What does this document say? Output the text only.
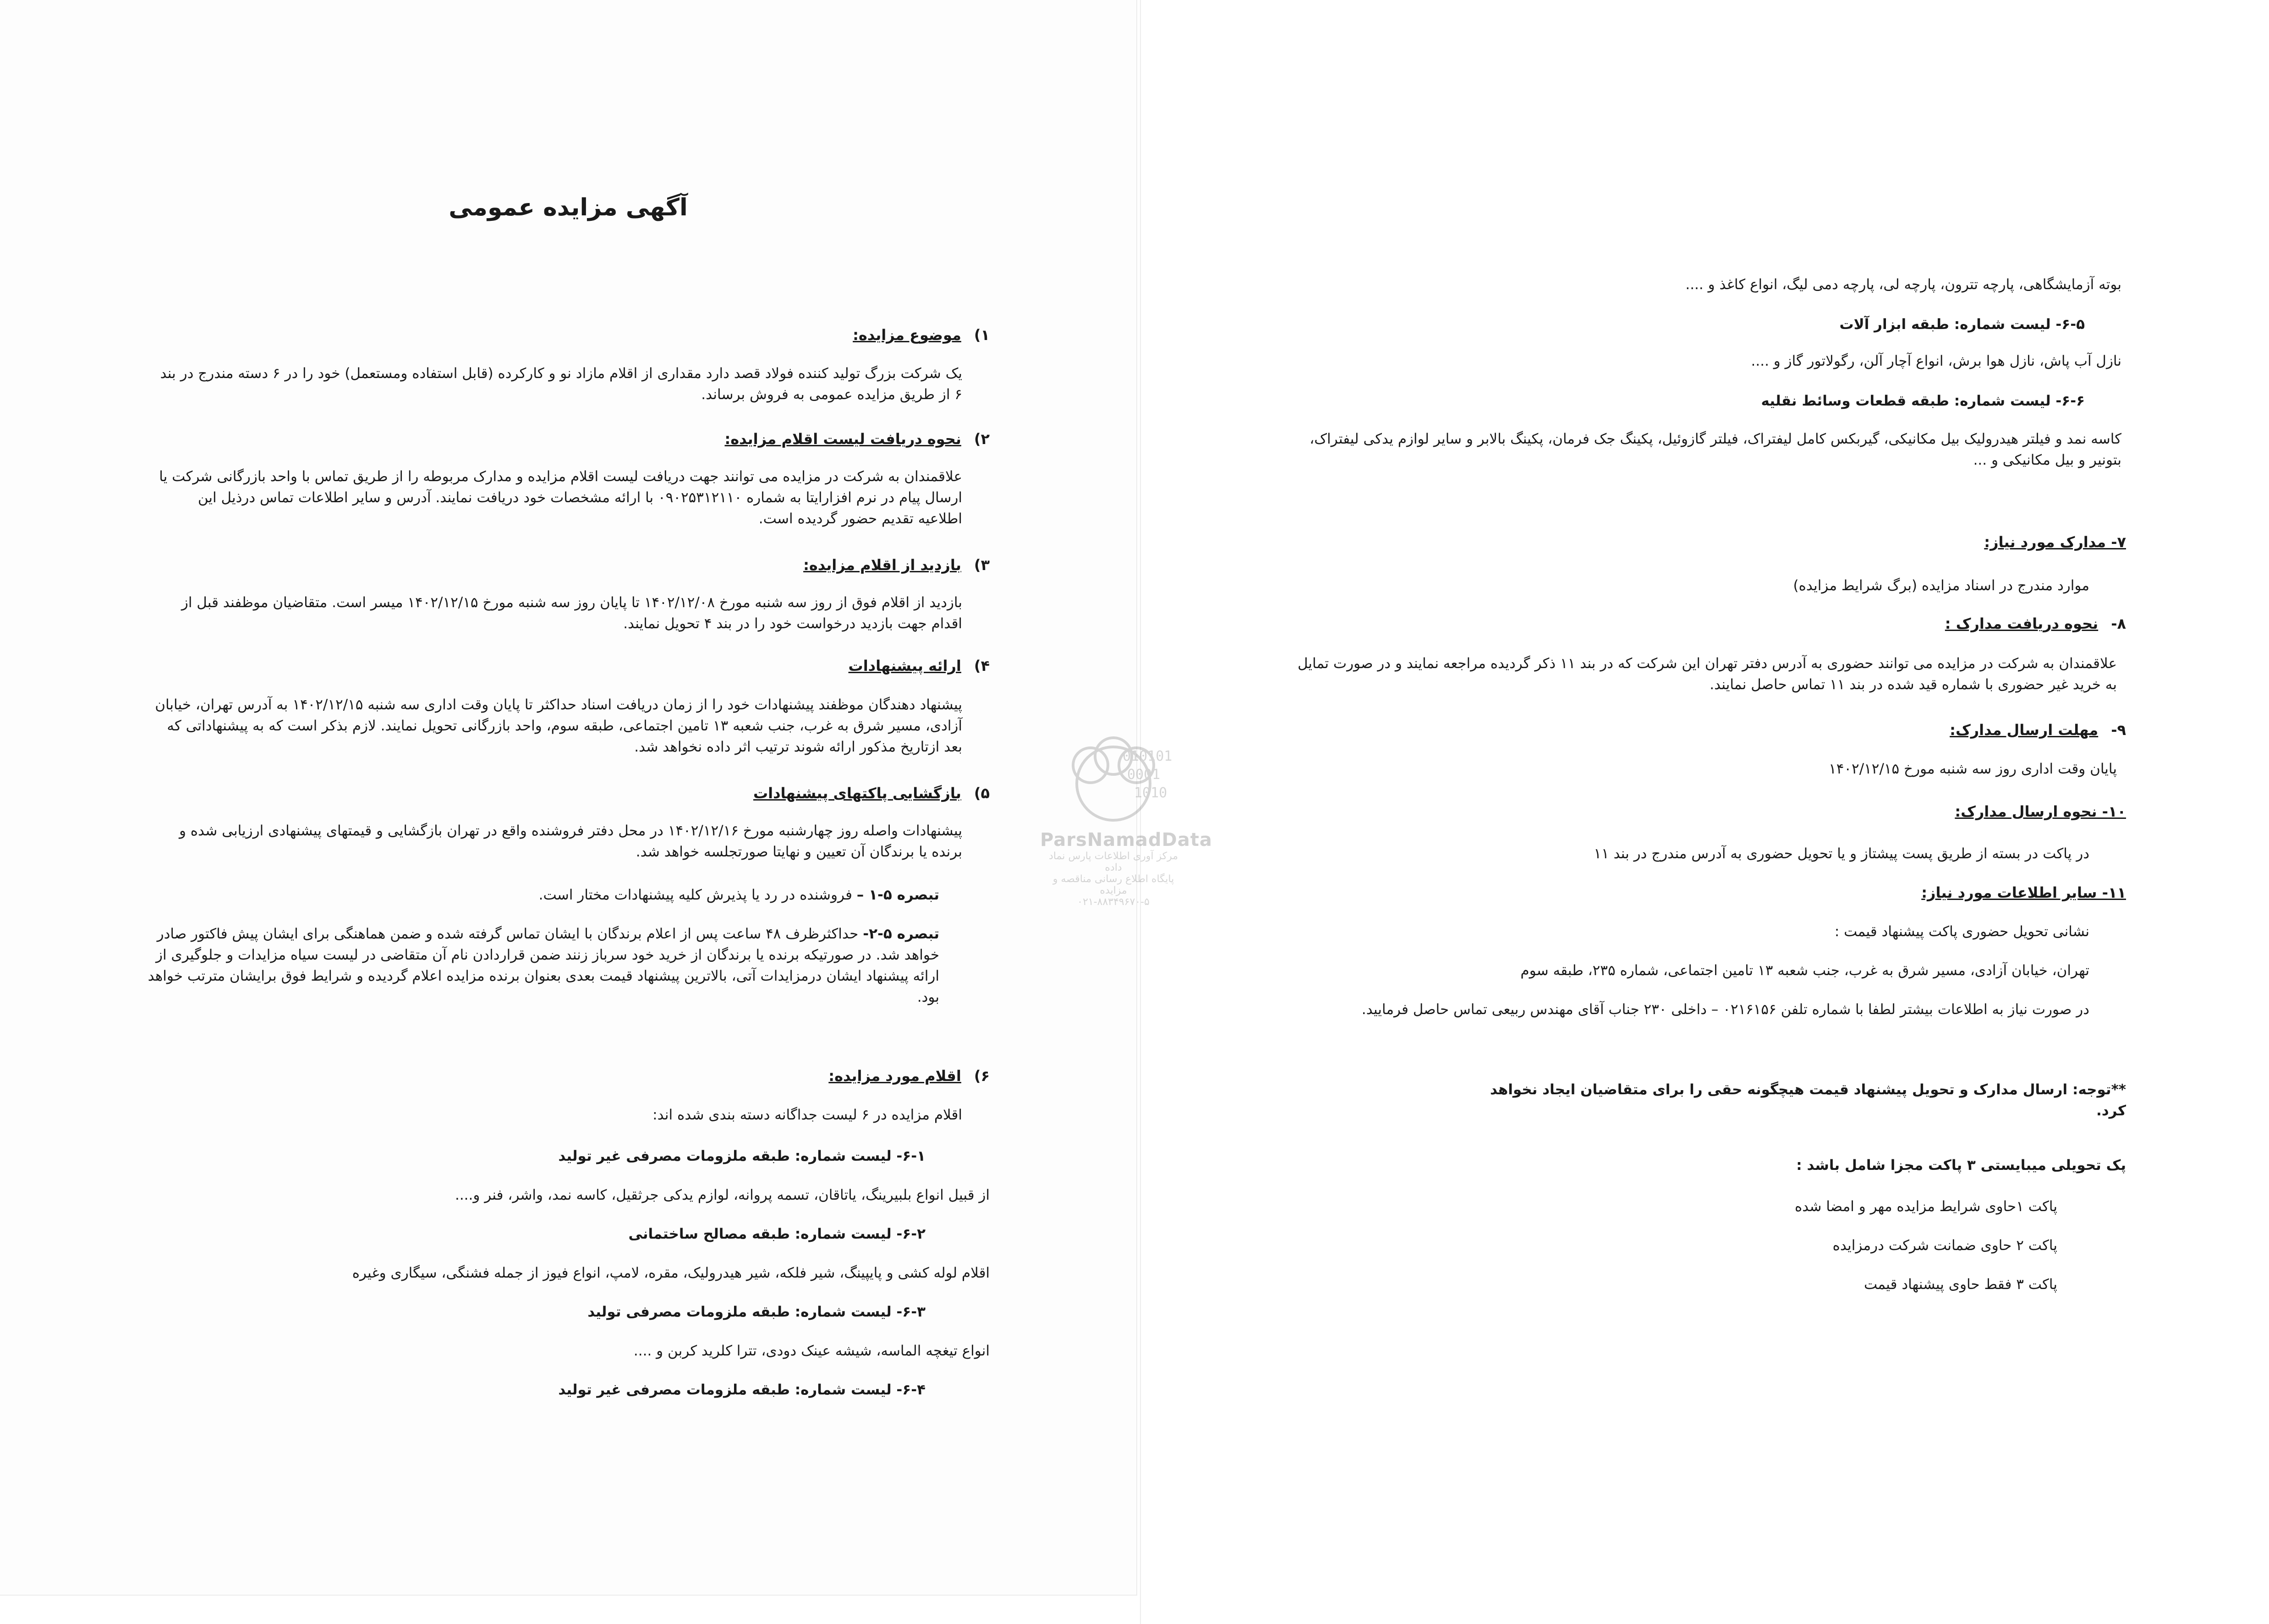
آگهی مزایده عمومی
۱)موضوع مزایده:
یک شرکت بزرگ تولید کننده فولاد قصد دارد مقداری از اقلام مازاد نو و کارکرده (قابل استفاده ومستعمل) خود را در ۶ دسته مندرج در بند ۶ از طریق مزایده عمومی به فروش برساند.
۲)نحوه دریافت لیست اقلام مزایده:
علاقمندان به شرکت در مزایده می توانند جهت دریافت لیست اقلام مزایده و مدارک مربوطه را از طریق تماس با واحد بازرگانی شرکت یا ارسال پیام در نرم افزارایتا به شماره ۰۹۰۲۵۳۱۲۱۱۰ با ارائه مشخصات خود دریافت نمایند. آدرس و سایر اطلاعات تماس درذیل این اطلاعیه تقدیم حضور گردیده است.
۳)بازدید از اقلام مزایده:
بازدید از اقلام فوق از روز سه شنبه مورخ ۱۴۰۲/۱۲/۰۸ تا پایان روز سه شنبه مورخ ۱۴۰۲/۱۲/۱۵ میسر است. متقاضیان موظفند قبل از اقدام جهت بازدید درخواست خود را در بند ۴ تحویل نمایند.
۴)ارائه پیشنهادات
پیشنهاد دهندگان موظفند پیشنهادات خود را از زمان دریافت اسناد حداکثر تا پایان وقت اداری سه شنبه ۱۴۰۲/۱۲/۱۵ به آدرس تهران، خیابان آزادی، مسیر شرق به غرب، جنب شعبه ۱۳ تامین اجتماعی، طبقه سوم، واحد بازرگانی تحویل نمایند. لازم بذکر است که به پیشنهاداتی که بعد ازتاریخ مذکور ارائه شوند ترتیب اثر داده نخواهد شد.
۵)بازگشایی پاکتهای پیشنهادات
پیشنهادات واصله روز چهارشنبه مورخ ۱۴۰۲/۱۲/۱۶ در محل دفتر فروشنده واقع در تهران بازگشایی و قیمتهای پیشنهادی ارزیابی شده و برنده یا برندگان آن تعیین و نهایتا صورتجلسه خواهد شد.
تبصره ۵-۱ – فروشنده در رد یا پذیرش کلیه پیشنهادات مختار است.
تبصره ۵-۲- حداکثرظرف ۴۸ ساعت پس از اعلام برندگان با ایشان تماس گرفته شده و ضمن هماهنگی برای ایشان پیش فاکتور صادر خواهد شد. در صورتیکه برنده یا برندگان از خرید خود سرباز زنند ضمن قراردادن نام آن متقاضی در لیست سیاه مزایدات و جلوگیری از ارائه پیشنهاد ایشان درمزایدات آتی، بالاترین پیشنهاد قیمت بعدی بعنوان برنده مزایده اعلام گردیده و شرایط فوق برایشان مترتب خواهد بود.
۶)اقلام مورد مزایده:
اقلام مزایده در ۶ لیست جداگانه دسته بندی شده اند:
۶-۱- لیست شماره: طبقه ملزومات مصرفی غیر تولید
از قبیل انواع بلبیرینگ، یاتاقان، تسمه پروانه، لوازم یدکی جرثقیل، کاسه نمد، واشر، فنر و....
۶-۲- لیست شماره: طبقه مصالح ساختمانی
اقلام لوله کشی و پایپینگ، شیر فلکه، شیر هیدرولیک، مقره، لامپ، انواع فیوز از جمله فشنگی، سیگاری وغیره
۶-۳- لیست شماره: طبقه ملزومات مصرفی تولید
انواع تیغچه الماسه، شیشه عینک دودی، تترا کلرید کربن و ....
۶-۴- لیست شماره: طبقه ملزومات مصرفی غیر تولید
بوته آزمایشگاهی، پارچه تترون، پارچه لی، پارچه دمی لیگ، انواع کاغذ و ....
۶-۵- لیست شماره: طبقه ابزار آلات
نازل آب پاش، نازل هوا برش، انواع آچار آلن، رگولاتور گاز و ....
۶-۶- لیست شماره: طبقه قطعات وسائط نقلیه
کاسه نمد و فیلتر هیدرولیک بیل مکانیکی، گیربکس کامل لیفتراک، فیلتر گازوئیل، پکینگ جک فرمان، پکینگ بالابر و سایر لوازم یدکی لیفتراک، بتونیر و بیل مکانیکی و ...
۷- مدارک مورد نیاز:
موارد مندرج در اسناد مزایده (برگ شرایط مزایده)
۸-نحوه دریافت مدارک :
علاقمندان به شرکت در مزایده می توانند حضوری به آدرس دفتر تهران این شرکت که در بند ۱۱ ذکر گردیده مراجعه نمایند و در صورت تمایل به خرید غیر حضوری با شماره قید شده در بند ۱۱ تماس حاصل نمایند.
۹-مهلت ارسال مدارک:
پایان وقت اداری روز سه شنبه مورخ ۱۴۰۲/۱۲/۱۵
۱۰- نحوه ارسال مدارک:
در پاکت در بسته از طریق پست پیشتاز و یا تحویل حضوری به آدرس مندرج در بند ۱۱
۱۱- سایر اطلاعات مورد نیاز:
نشانی تحویل حضوری پاکت پیشنهاد قیمت :
تهران، خیابان آزادی، مسیر شرق به غرب، جنب شعبه ۱۳ تامین اجتماعی، شماره ۲۳۵، طبقه سوم
در صورت نیاز به اطلاعات بیشتر لطفا با شماره تلفن ۰۲۱۶۱۵۶ – داخلی ۲۳۰ جناب آقای مهندس ربیعی تماس حاصل فرمایید.
**توجه: ارسال مدارک و تحویل پیشنهاد قیمت هیچگونه حقی را برای متقاضیان ایجاد نخواهد کرد.
پک تحویلی میبایستی ۳ پاکت مجزا شامل باشد :
پاکت ۱حاوی شرایط مزایده مهر و امضا شده
پاکت ۲ حاوی ضمانت شرکت درمزایده
پاکت ۳ فقط حاوی پیشنهاد قیمت
010101
0001
1010
ParsNamadData
مرکز آوری اطلاعات پارس نماد داده
پایگاه اطلاع رسانی مناقصه و مزایده
۰۲۱-۸۸۳۴۹۶۷۰-۵
